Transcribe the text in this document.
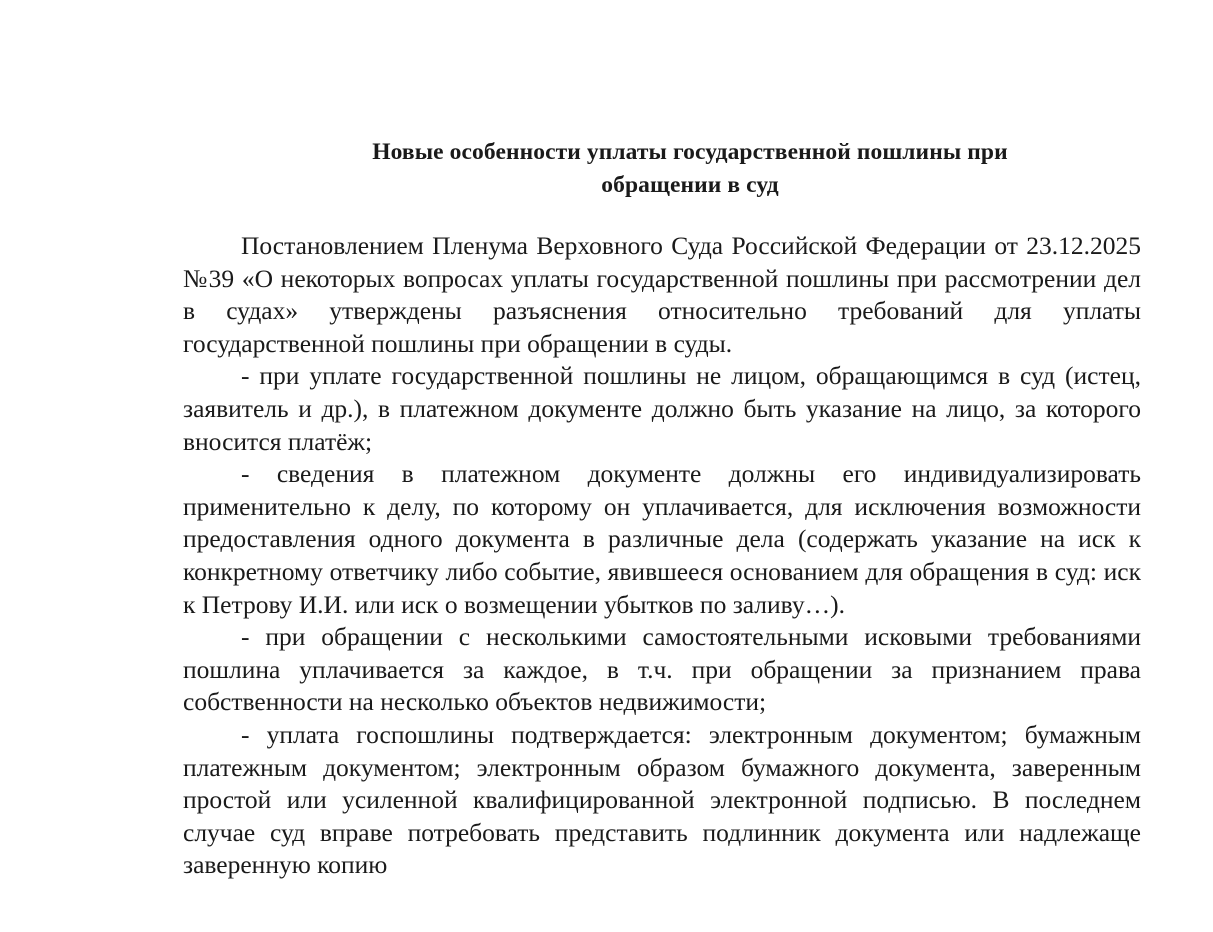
Новые особенности уплаты государственной пошлины при
обращении в суд

Постановлением Пленума Верховного Суда Российской Федерации от 23.12.2025 №39 «О некоторых вопросах уплаты государственной пошлины при рассмотрении дел в судах» утверждены разъяснения относительно требований для уплаты государственной пошлины при обращении в суды.

- при уплате государственной пошлины не лицом, обращающимся в суд (истец, заявитель и др.), в платежном документе должно быть указание на лицо, за которого вносится платёж;

- сведения в платежном документе должны его индивидуализировать применительно к делу, по которому он уплачивается, для исключения возможности предоставления одного документа в различные дела (содержать указание на иск к конкретному ответчику либо событие, явившееся основанием для обращения в суд: иск к Петрову И.И. или иск о возмещении убытков по заливу…).

- при обращении с несколькими самостоятельными исковыми требованиями пошлина уплачивается за каждое, в т.ч. при обращении за признанием права собственности на несколько объектов недвижимости;

- уплата госпошлины подтверждается: электронным документом; бумажным платежным документом; электронным образом бумажного документа, заверенным простой или усиленной квалифицированной электронной подписью. В последнем случае суд вправе потребовать представить подлинник документа или надлежаще заверенную копию
